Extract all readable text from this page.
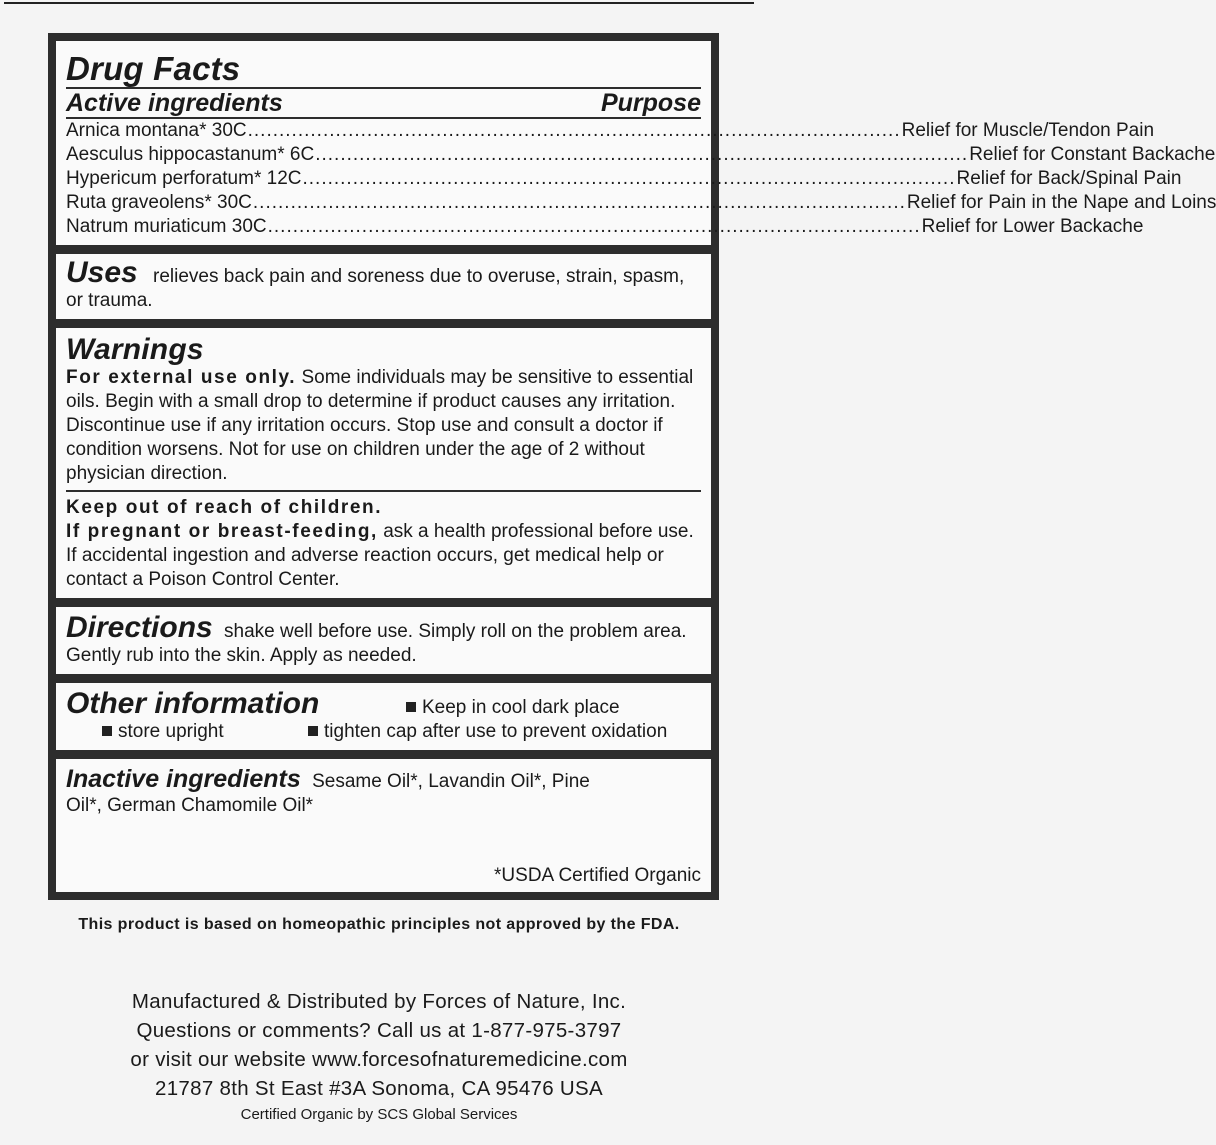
Drug Facts
Active ingredients	Purpose
Arnica montana* 30C ........................................................................................................ Relief for Muscle/Tendon Pain
Aesculus hippocastanum* 6C ........................................................................................................ Relief for Constant Backache
Hypericum perforatum* 12C ........................................................................................................ Relief for Back/Spinal Pain
Ruta graveolens* 30C ........................................................................................................ Relief for Pain in the Nape and Loins
Natrum muriaticum 30C ........................................................................................................ Relief for Lower Backache
Uses relieves back pain and soreness due to overuse, strain, spasm, or trauma.
Warnings
For external use only. Some individuals may be sensitive to essential oils. Begin with a small drop to determine if product causes any irritation. Discontinue use if any irritation occurs. Stop use and consult a doctor if condition worsens. Not for use on children under the age of 2 without physician direction.
Keep out of reach of children.
If pregnant or breast-feeding, ask a health professional before use. If accidental ingestion and adverse reaction occurs, get medical help or contact a Poison Control Center.
Directions shake well before use. Simply roll on the problem area. Gently rub into the skin. Apply as needed.
Other information	Keep in cool dark place
store upright	tighten cap after use to prevent oxidation
Inactive ingredients Sesame Oil*, Lavandin Oil*, Pine Oil*, German Chamomile Oil*
*USDA Certified Organic
This product is based on homeopathic principles not approved by the FDA.
Manufactured & Distributed by Forces of Nature, Inc.
Questions or comments? Call us at 1-877-975-3797
or visit our website www.forcesofnaturemedicine.com
21787 8th St East #3A Sonoma, CA 95476 USA
Certified Organic by SCS Global Services
